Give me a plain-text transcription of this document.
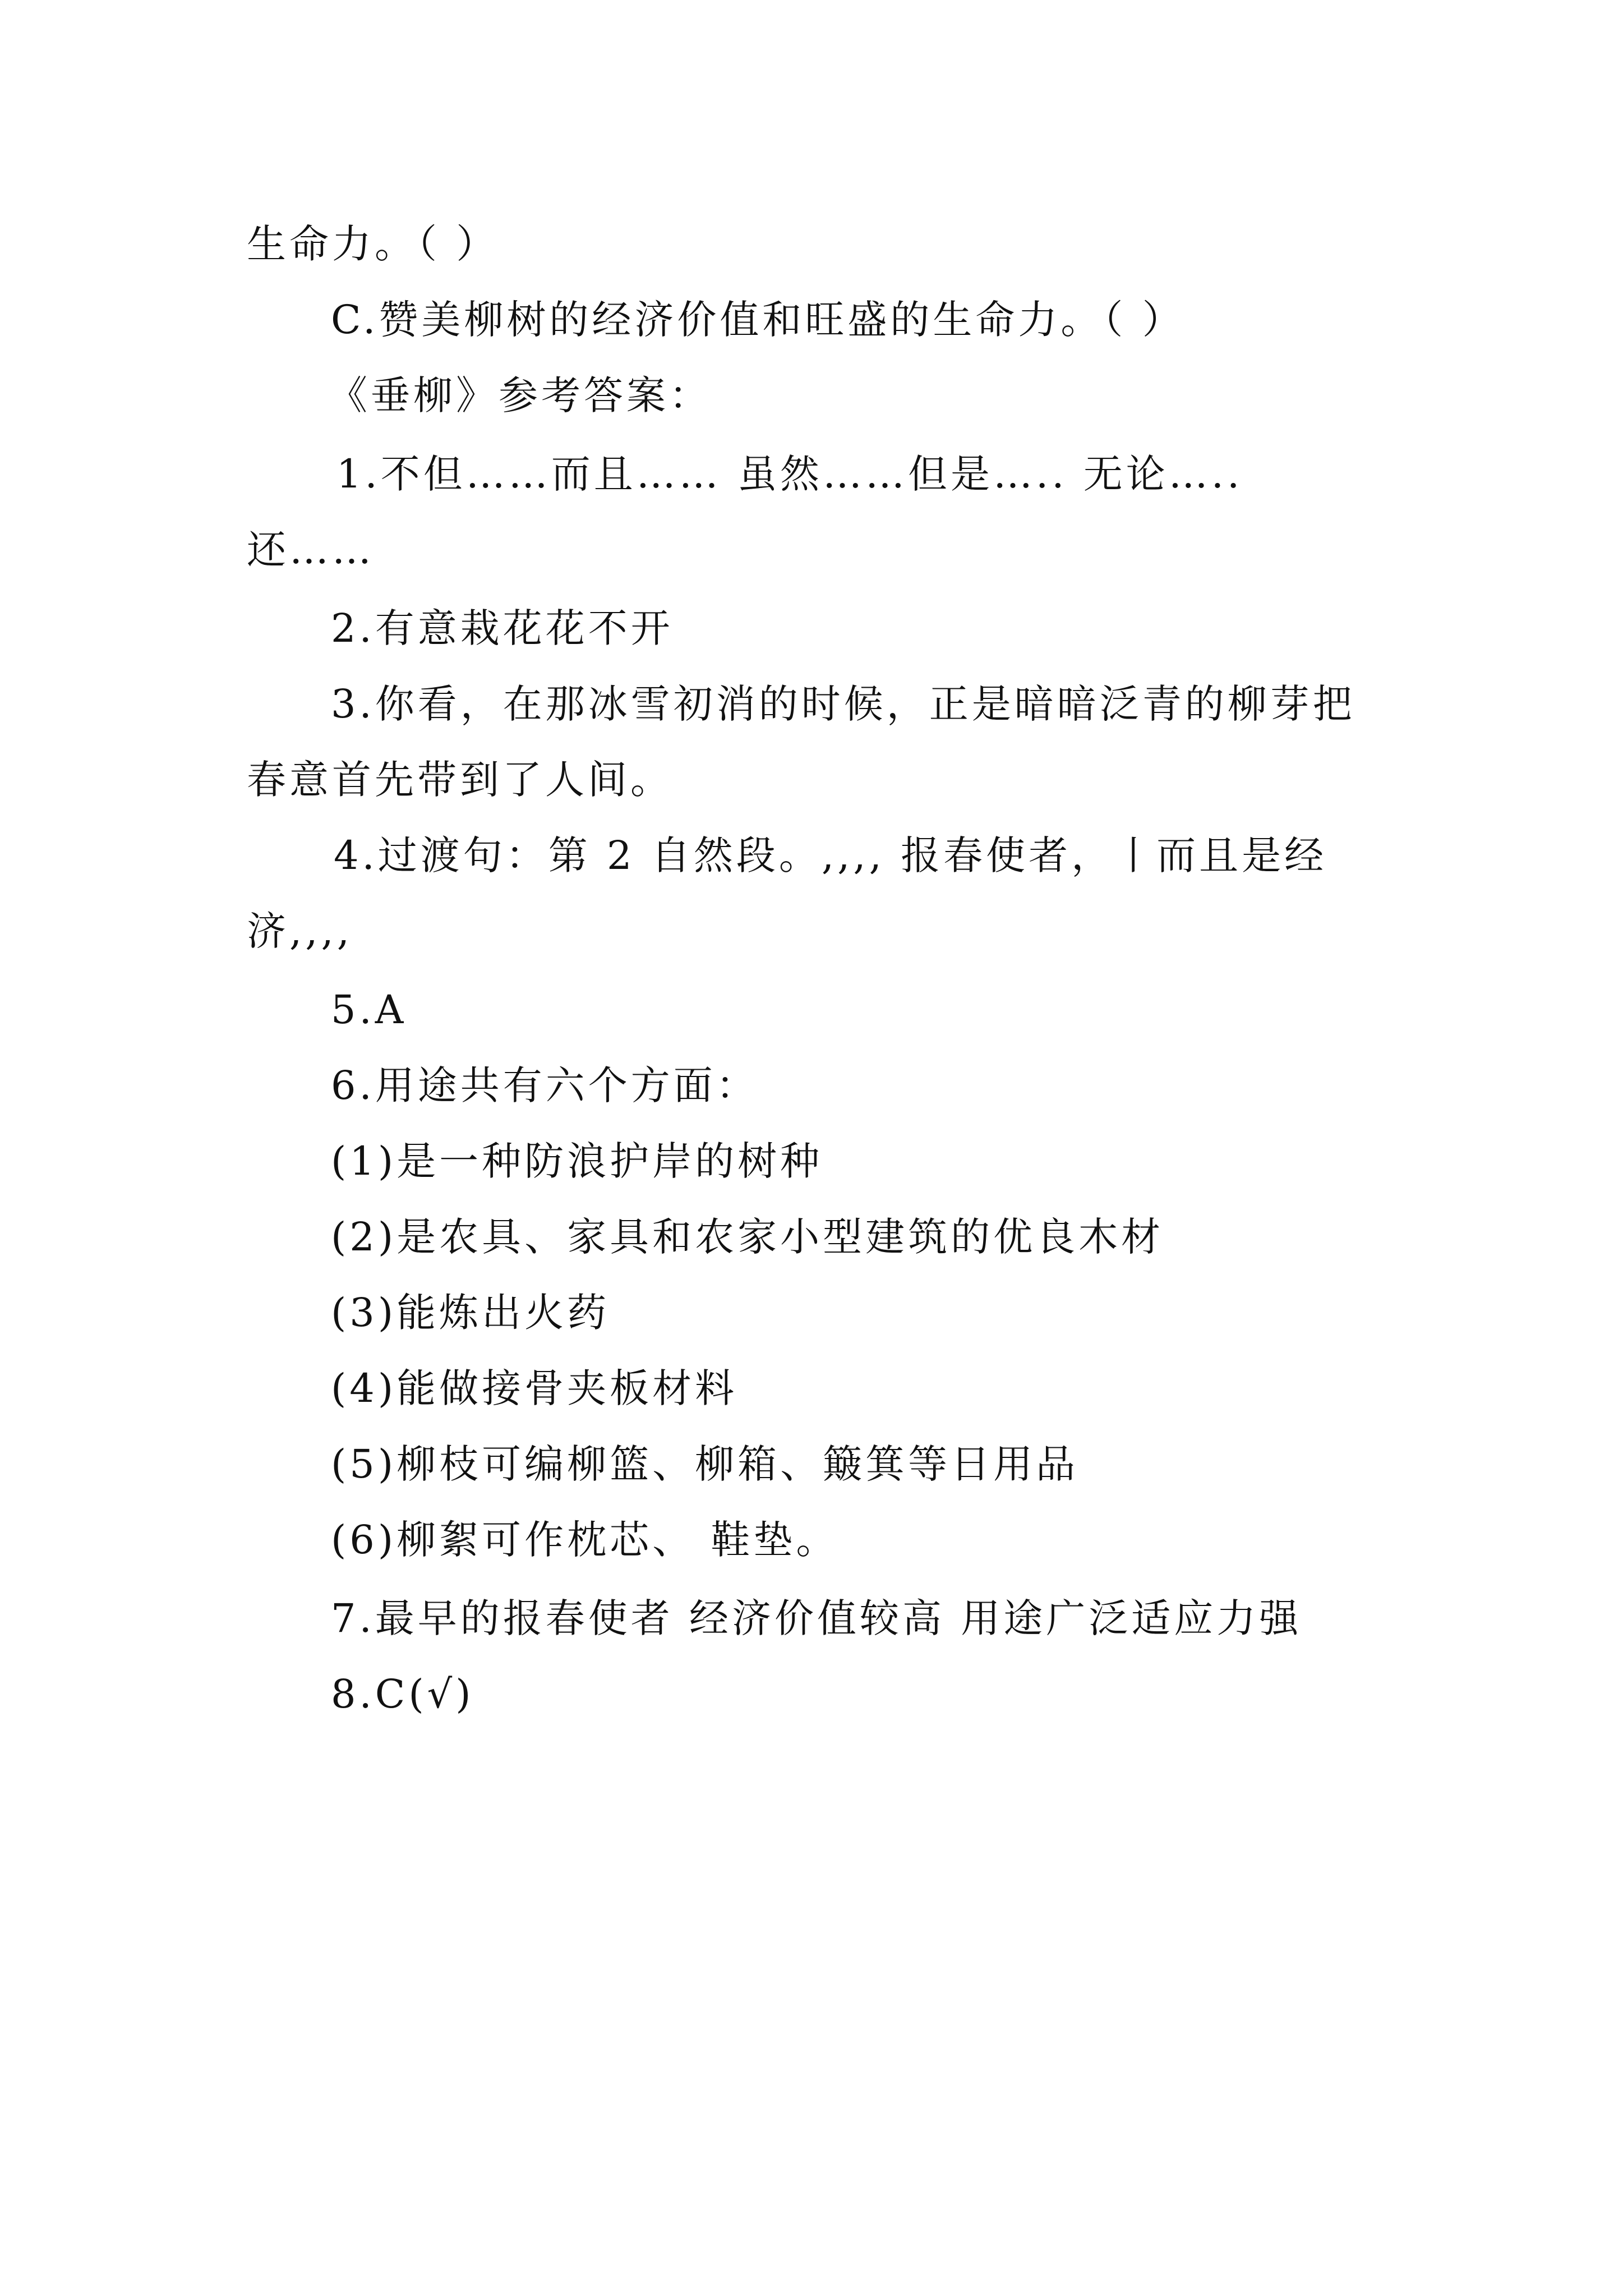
生命力。（ ）
C.赞美柳树的经济价值和旺盛的生命力。（ ）
《垂柳》参考答案：
1.不但……而且…… 虽然……但是….. 无论…..
还……
2.有意栽花花不开
3.你看，在那冰雪初消的时候，正是暗暗泛青的柳芽把
春意首先带到了人间。
4.过渡句：第 2 自然段。,,,, 报春使者，丨而且是经
济,,,,
5.A
6.用途共有六个方面：
(1)是一种防浪护岸的树种
(2)是农具、家具和农家小型建筑的优良木材
(3)能炼出火药
(4)能做接骨夹板材料
(5)柳枝可编柳篮、柳箱、簸箕等日用品
(6)柳絮可作枕芯、 鞋垫。
7.最早的报春使者 经济价值较高 用途广泛适应力强
8.C(√)
